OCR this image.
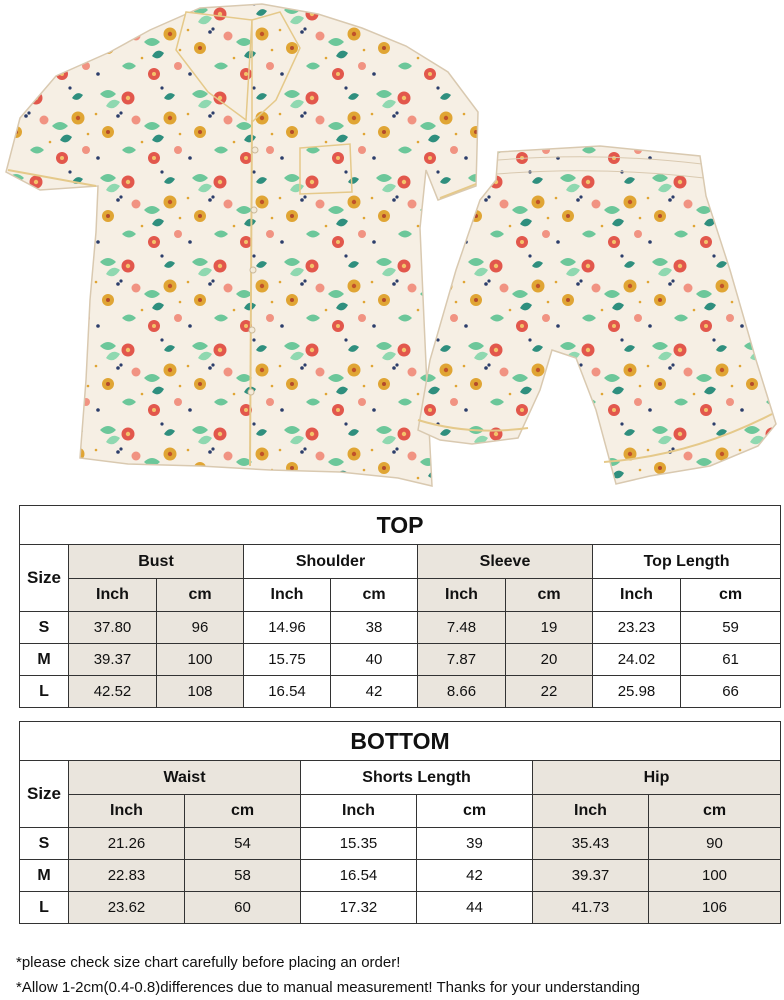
TOP								
Size	Bust		Shoulder		Sleeve		Top Length	
	Inch	cm	Inch	cm	Inch	cm	Inch	cm
S	37.80	96	14.96	38	7.48	19	23.23	59
M	39.37	100	15.75	40	7.87	20	24.02	61
L	42.52	108	16.54	42	8.66	22	25.98	66
BOTTOM						
Size	Waist		Shorts Length		Hip	
	Inch	cm	Inch	cm	Inch	cm
S	21.26	54	15.35	39	35.43	90
M	22.83	58	16.54	42	39.37	100
L	23.62	60	17.32	44	41.73	106

*please check size chart carefully before placing an order!

*Allow 1-2cm(0.4-0.8)differences due to manual measurement! Thanks for your understanding
